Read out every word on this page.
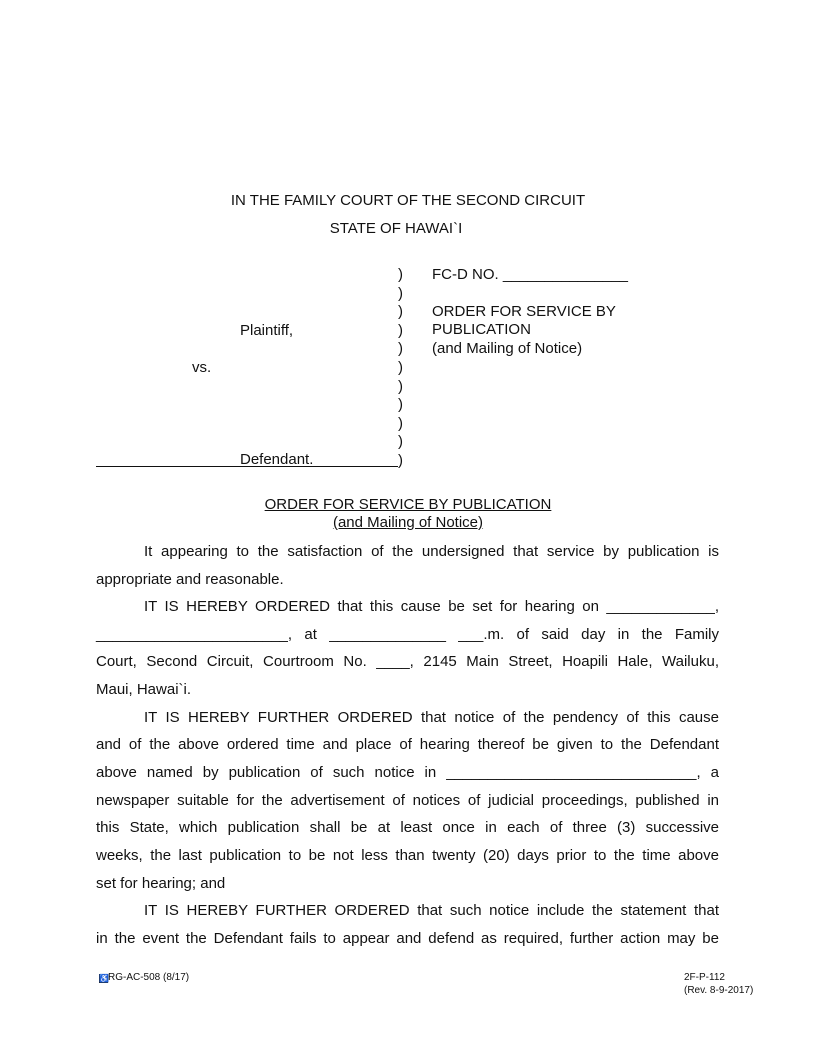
IN THE FAMILY COURT OF THE SECOND CIRCUIT
STATE OF HAWAI`I
)
)
)
)
)
)
)
)
)
)
)
Plaintiff,
vs.
Defendant.
FC-D NO. _______________
ORDER FOR SERVICE BY
PUBLICATION
(and Mailing of Notice)
ORDER FOR SERVICE BY PUBLICATION
(and Mailing of Notice)
It appearing to the satisfaction of the undersigned that service by publication is
appropriate and reasonable.
IT IS HEREBY ORDERED that this cause be set for hearing on _____________,
_______________________, at ______________ ___.m. of said day in the Family
Court, Second Circuit, Courtroom No. ____, 2145 Main Street, Hoapili Hale, Wailuku,
Maui, Hawai`i.
IT IS HEREBY FURTHER ORDERED that notice of the pendency of this cause
and of the above ordered time and place of hearing thereof be given to the Defendant
above named by publication of such notice in ______________________________, a
newspaper suitable for the advertisement of notices of judicial proceedings, published in
this State, which publication shall be at least once in each of three (3) successive
weeks, the last publication to be not less than twenty (20) days prior to the time above
set for hearing; and
IT IS HEREBY FURTHER ORDERED that such notice include the statement that
in the event the Defendant fails to appear and defend as required, further action may be
♿RG-AC-508 (8/17)	2F-P-112
(Rev. 8-9-2017)
